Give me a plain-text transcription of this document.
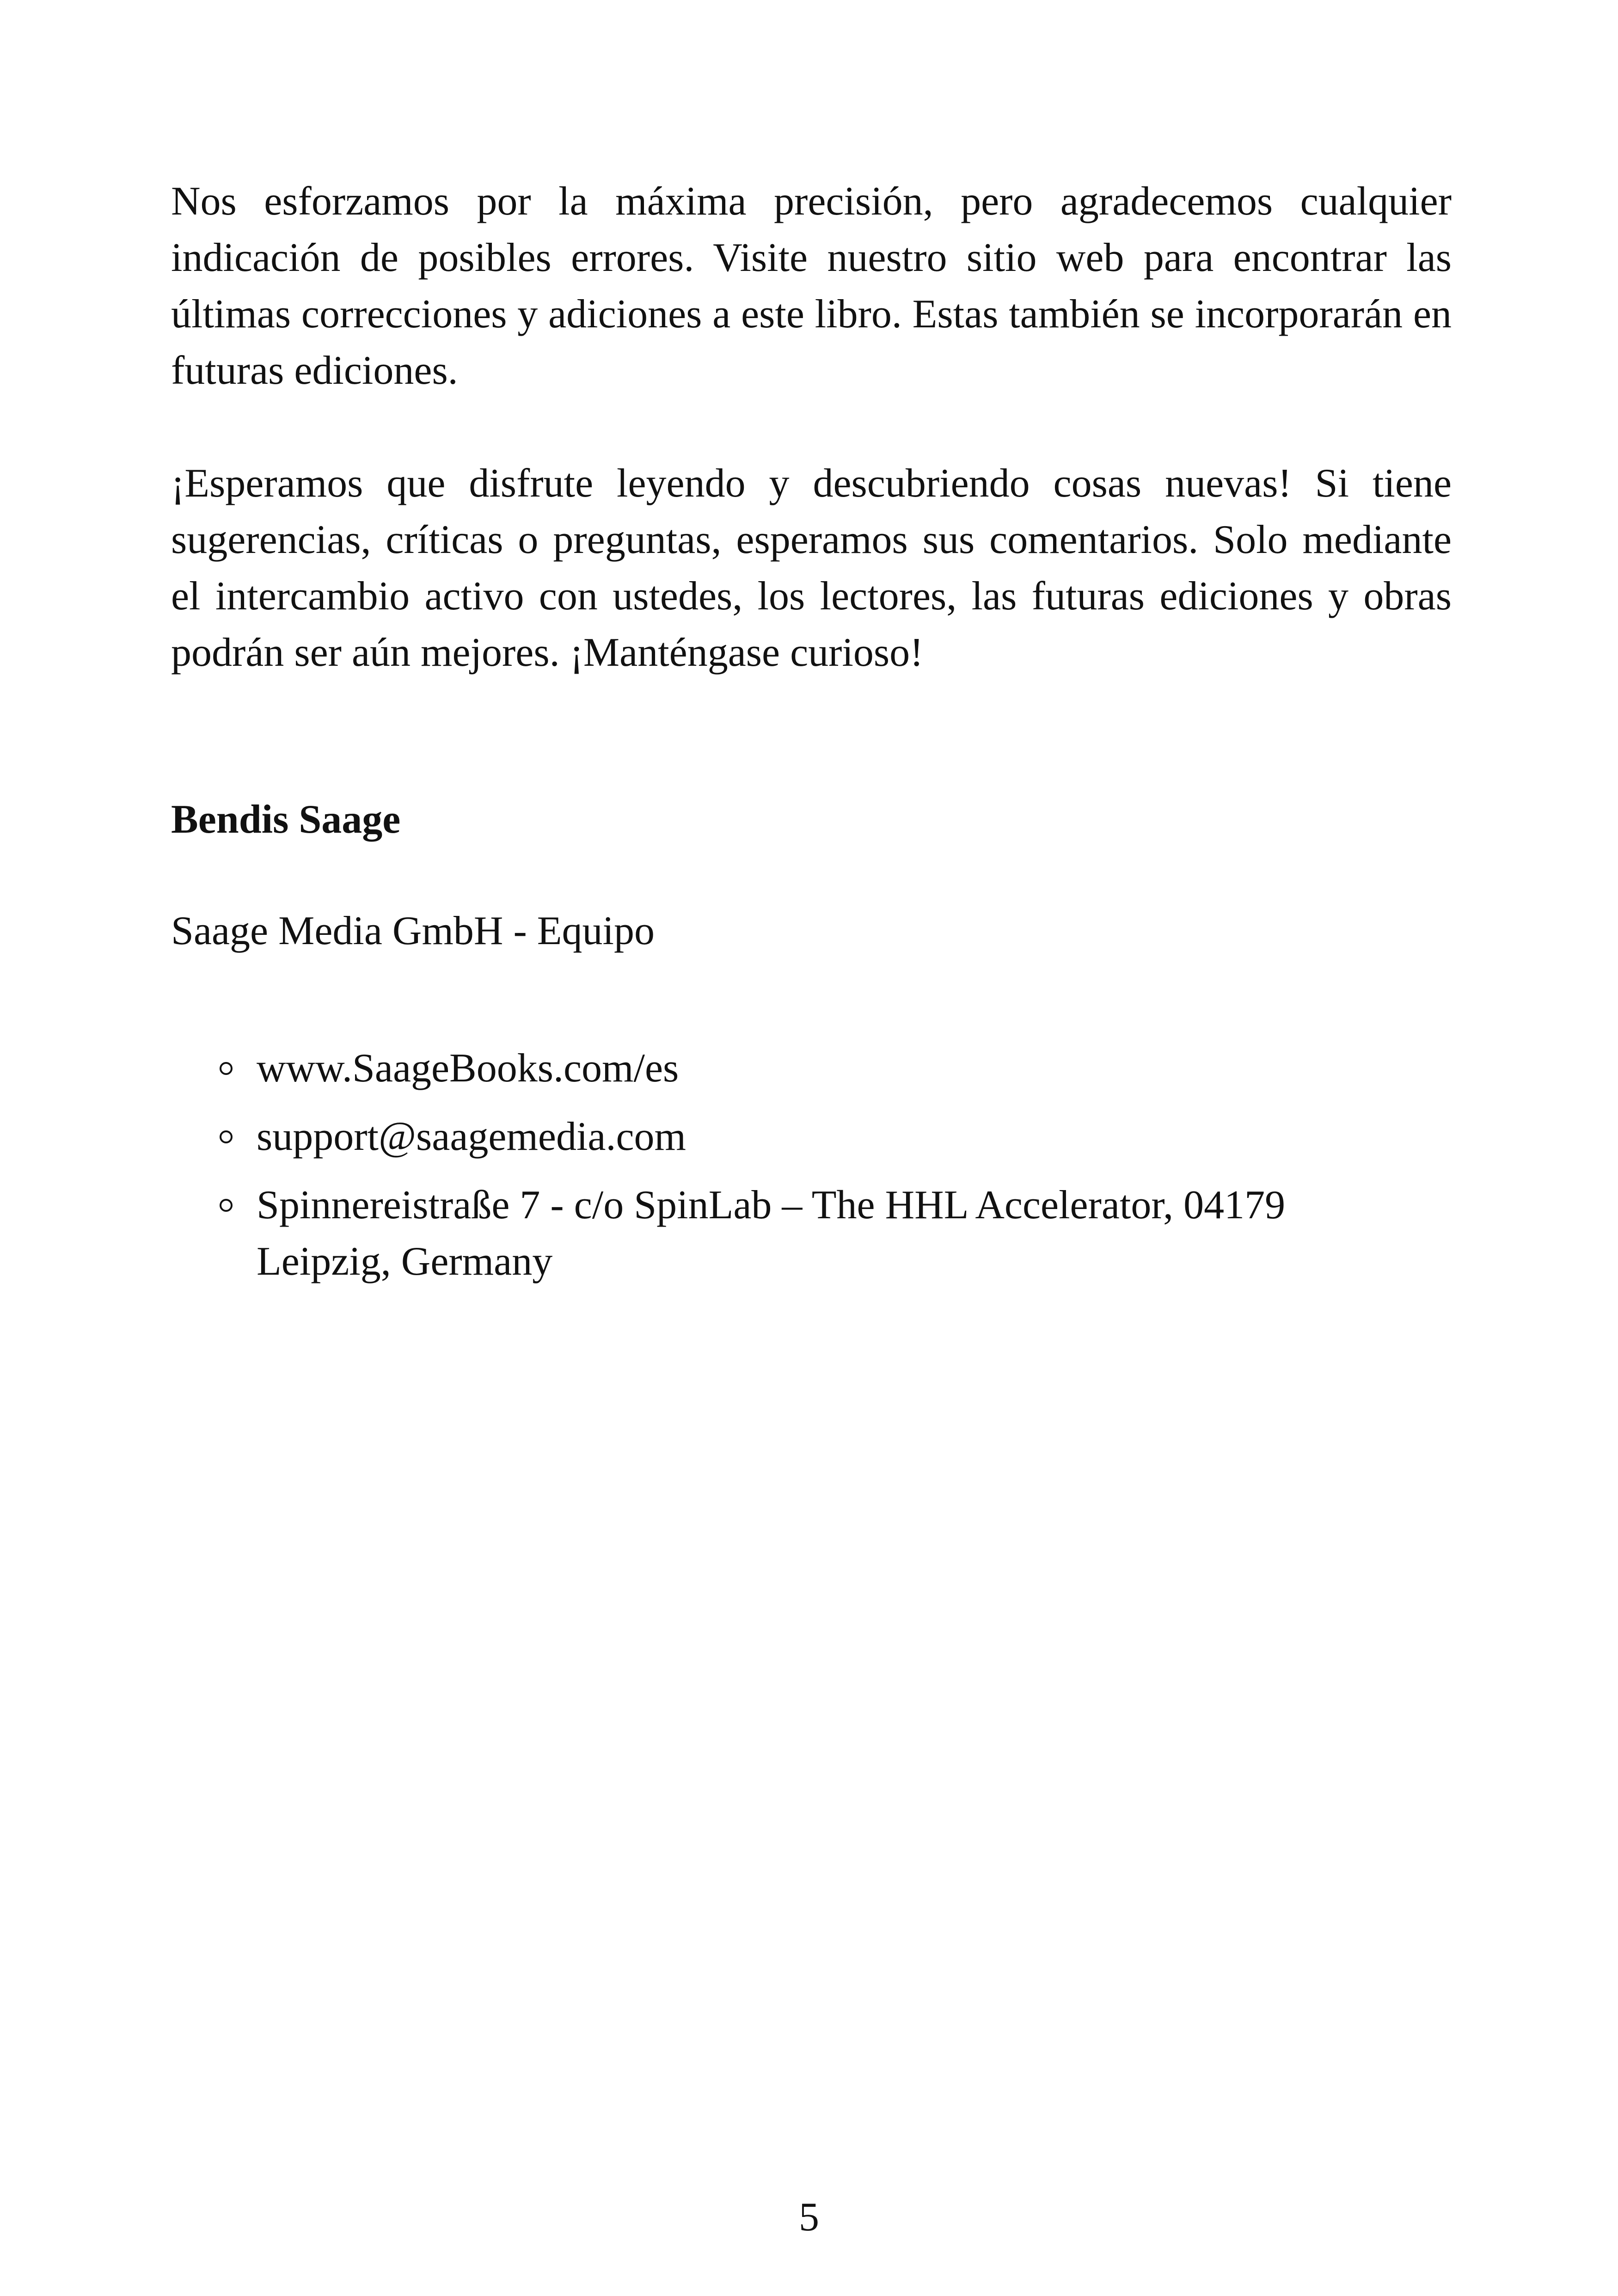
Nos esforzamos por la máxima precisión, pero agradecemos cualquier indicación de posibles errores. Visite nuestro sitio web para encontrar las últimas correcciones y adiciones a este libro. Estas también se incorporarán en futuras ediciones.

¡Esperamos que disfrute leyendo y descubriendo cosas nuevas! Si tiene sugerencias, críticas o preguntas, esperamos sus comentarios. Solo mediante el intercambio activo con ustedes, los lectores, las futuras ediciones y obras podrán ser aún mejores. ¡Manténgase curioso!

Bendis Saage

Saage Media GmbH - Equipo

www.SaageBooks.com/es
support@saagemedia.com
Spinnereistraße 7 - c/o SpinLab – The HHL Accelerator, 04179 Leipzig, Germany

5
